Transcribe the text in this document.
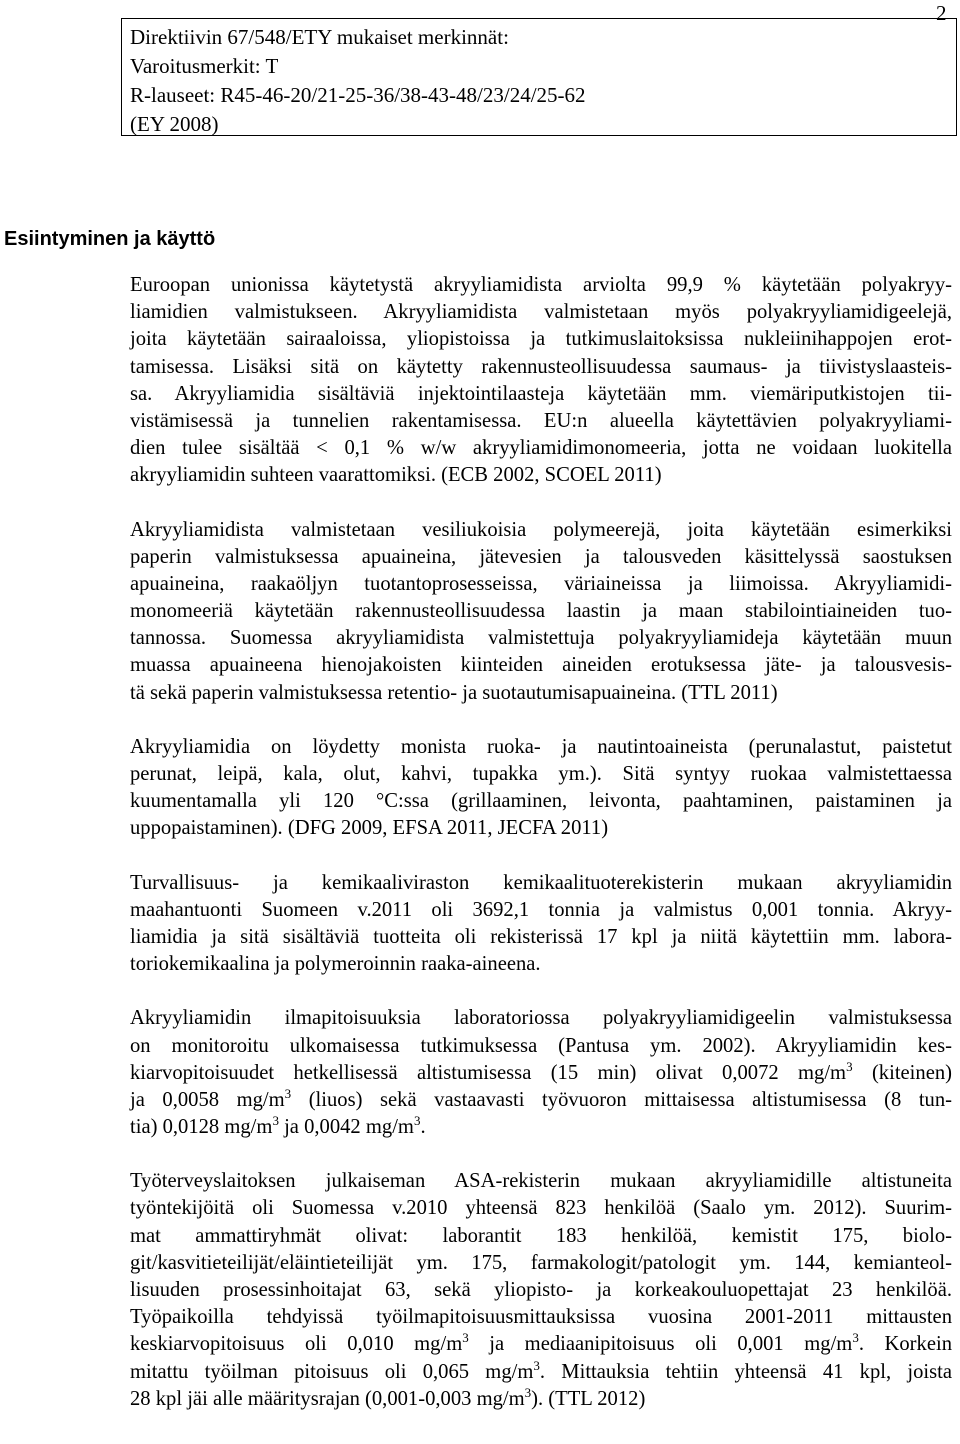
2
Direktiivin 67/548/ETY mukaiset merkinnät:
Varoitusmerkit: T
R-lauseet: R45-46-20/21-25-36/38-43-48/23/24/25-62
(EY 2008)
Esiintyminen ja käyttö
Euroopan unionissa käytetystä akryyliamidista arviolta 99,9 % käytetään polyakryy-
liamidien valmistukseen. Akryyliamidista valmistetaan myös polyakryyliamidigeelejä,
joita käytetään sairaaloissa, yliopistoissa ja tutkimuslaitoksissa nukleiinihappojen erot-
tamisessa. Lisäksi sitä on käytetty rakennusteollisuudessa saumaus- ja tiivistyslaasteis-
sa. Akryyliamidia sisältäviä injektointilaasteja käytetään mm. viemäriputkistojen tii-
vistämisessä ja tunnelien rakentamisessa. EU:n alueella käytettävien polyakryyliami-
dien tulee sisältää < 0,1 % w/w akryyliamidimonomeeria, jotta ne voidaan luokitella
akryyliamidin suhteen vaarattomiksi. (ECB 2002, SCOEL 2011)
Akryyliamidista valmistetaan vesiliukoisia polymeerejä, joita käytetään esimerkiksi
paperin valmistuksessa apuaineina, jätevesien ja talousveden käsittelyssä saostuksen
apuaineina, raakaöljyn tuotantoprosesseissa, väriaineissa ja liimoissa. Akryyliamidi-
monomeeriä käytetään rakennusteollisuudessa laastin ja maan stabilointiaineiden tuo-
tannossa. Suomessa akryyliamidista valmistettuja polyakryyliamideja käytetään muun
muassa apuaineena hienojakoisten kiinteiden aineiden erotuksessa jäte- ja talousvesis-
tä sekä paperin valmistuksessa retentio- ja suotautumisapuaineina. (TTL 2011)
Akryyliamidia on löydetty monista ruoka- ja nautintoaineista (perunalastut, paistetut
perunat, leipä, kala, olut, kahvi, tupakka ym.). Sitä syntyy ruokaa valmistettaessa
kuumentamalla yli 120 °C:ssa (grillaaminen, leivonta, paahtaminen, paistaminen ja
uppopaistaminen). (DFG 2009, EFSA 2011, JECFA 2011)
Turvallisuus- ja kemikaaliviraston kemikaalituoterekisterin mukaan akryyliamidin
maahantuonti Suomeen v.2011 oli 3692,1 tonnia ja valmistus 0,001 tonnia. Akryy-
liamidia ja sitä sisältäviä tuotteita oli rekisterissä 17 kpl ja niitä käytettiin mm. labora-
toriokemikaalina ja polymeroinnin raaka-aineena.
Akryyliamidin ilmapitoisuuksia laboratoriossa polyakryyliamidigeelin valmistuksessa
on monitoroitu ulkomaisessa tutkimuksessa (Pantusa ym. 2002). Akryyliamidin kes-
kiarvopitoisuudet hetkellisessä altistumisessa (15 min) olivat 0,0072 $mg/m^3$ (kiteinen)
ja 0,0058 $mg/m^3$ (liuos) sekä vastaavasti työvuoron mittaisessa altistumisessa (8 tun-
tia) 0,0128 $mg/m^3$ ja 0,0042 $mg/m^3$.
Työterveyslaitoksen julkaiseman ASA-rekisterin mukaan akryyliamidille altistuneita
työntekijöitä oli Suomessa v.2010 yhteensä 823 henkilöä (Saalo ym. 2012). Suurim-
mat ammattiryhmät olivat: laborantit 183 henkilöä, kemistit 175, biolo-
git/kasvitieteilijät/eläintieteilijät ym. 175, farmakologit/patologit ym. 144, kemianteol-
lisuuden prosessinhoitajat 63, sekä yliopisto- ja korkeakouluopettajat 23 henkilöä.
Työpaikoilla tehdyissä työilmapitoisuusmittauksissa vuosina 2001-2011 mittausten
keskiarvopitoisuus oli 0,010 $mg/m^3$ ja mediaanipitoisuus oli 0,001 $mg/m^3$. Korkein
mitattu työilman pitoisuus oli 0,065 $mg/m^3$. Mittauksia tehtiin yhteensä 41 kpl, joista
28 kpl jäi alle määritysrajan (0,001-0,003 $mg/m^3$). (TTL 2012)
